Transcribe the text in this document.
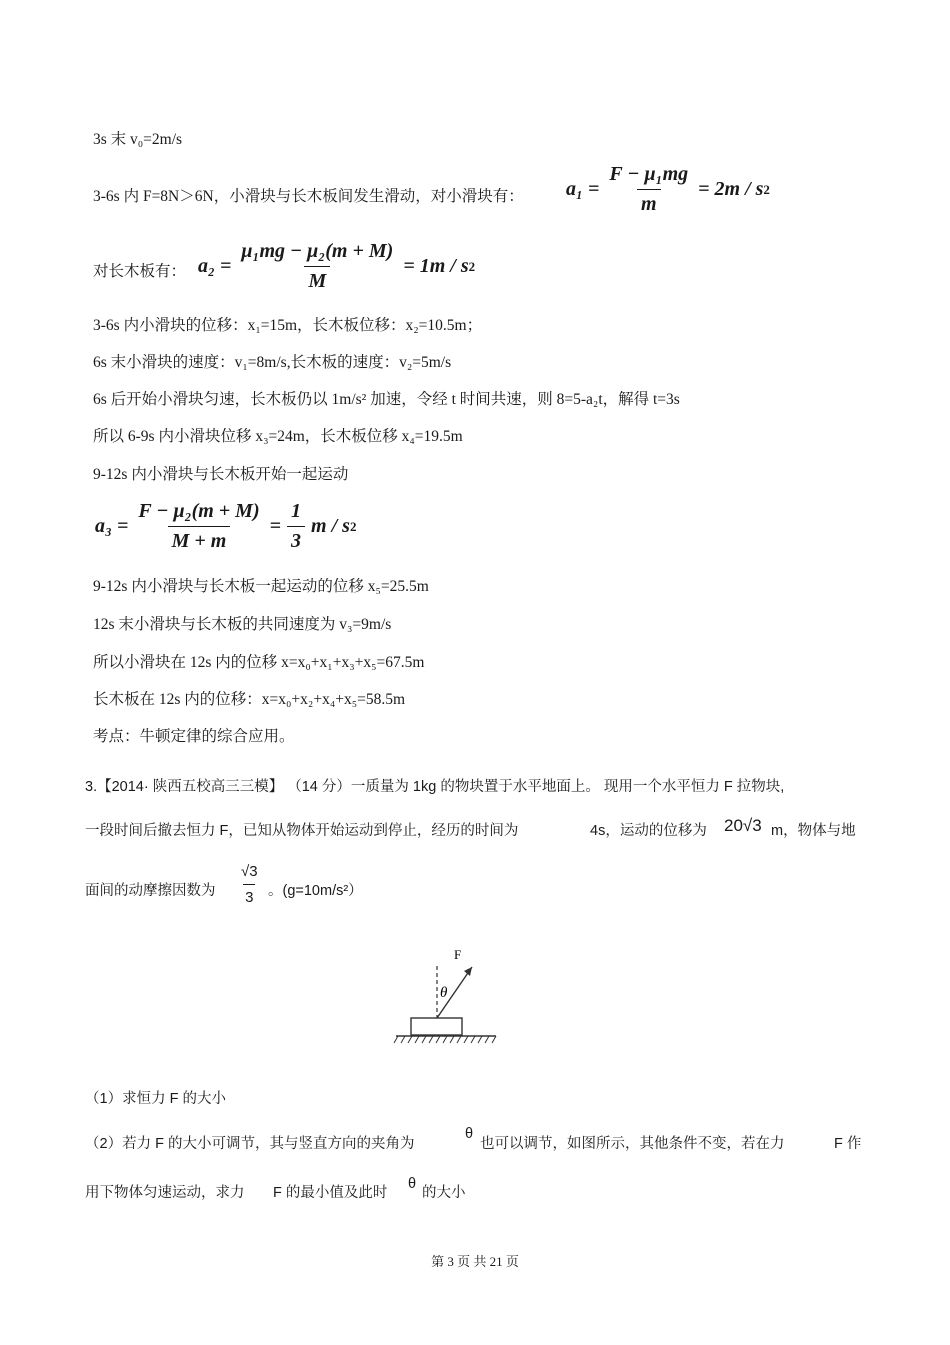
3s 末 v₀=2m/s
3-6s 内 F=8N＞6N，小滑块与长木板间发生滑动，对小滑块有： $a_1 = \frac{\text{F − μ₁mg}}{m} = 2m / s$ 2
对长木板有： $a_2 = \frac{\text{μ₁mg − μ₂(m + M)}}{M} = 1m / s$ 2
3-6s 内小滑块的位移：x₁=15m，长木板位移：x₂=10.5m；
6s 末小滑块的速度：v₁=8m/s,长木板的速度：v₂=5m/s
6s 后开始小滑块匀速，长木板仍以 1m/s² 加速，令经 t 时间共速，则 8=5-a₂t，解得 t=3s
所以 6-9s 内小滑块位移 x₃=24m，长木板位移 x₄=19.5m
9-12s 内小滑块与长木板开始一起运动
$a_3 = \frac{\text{F − μ₂(m + M)}}{M + m} = \frac{1}{3}$ m / s 2
9-12s 内小滑块与长木板一起运动的位移 x₅=25.5m
12s 末小滑块与长木板的共同速度为 v₃=9m/s
所以小滑块在 12s 内的位移 x=x₀+x₁+x₃+x₅=67.5m
长木板在 12s 内的位移：x=x₀+x₂+x₄+x₅=58.5m
考点：牛顿定律的综合应用。
3.【2014· 陕西五校高三三模】 （14 分）一质量为 1kg 的物块置于水平地面上。 现用一个水平恒力 F 拉物块,
一段时间后撤去恒力 F，已知从物体开始运动到停止，经历的时间为	4s，运动的位移为 20√3 m，物体与地
面间的动摩擦因数为 $\frac{√3}{3}$ 。(g=10m/s²）
F
θ
（1）求恒力 F 的大小
（2）若力 F 的大小可调节，其与竖直方向的夹角为
θ
也可以调节，如图所示，其他条件不变，若在力	F 作
用下物体匀速运动，求力 F 的最小值及此时
θ
的大小
第 3 页 共 21 页
